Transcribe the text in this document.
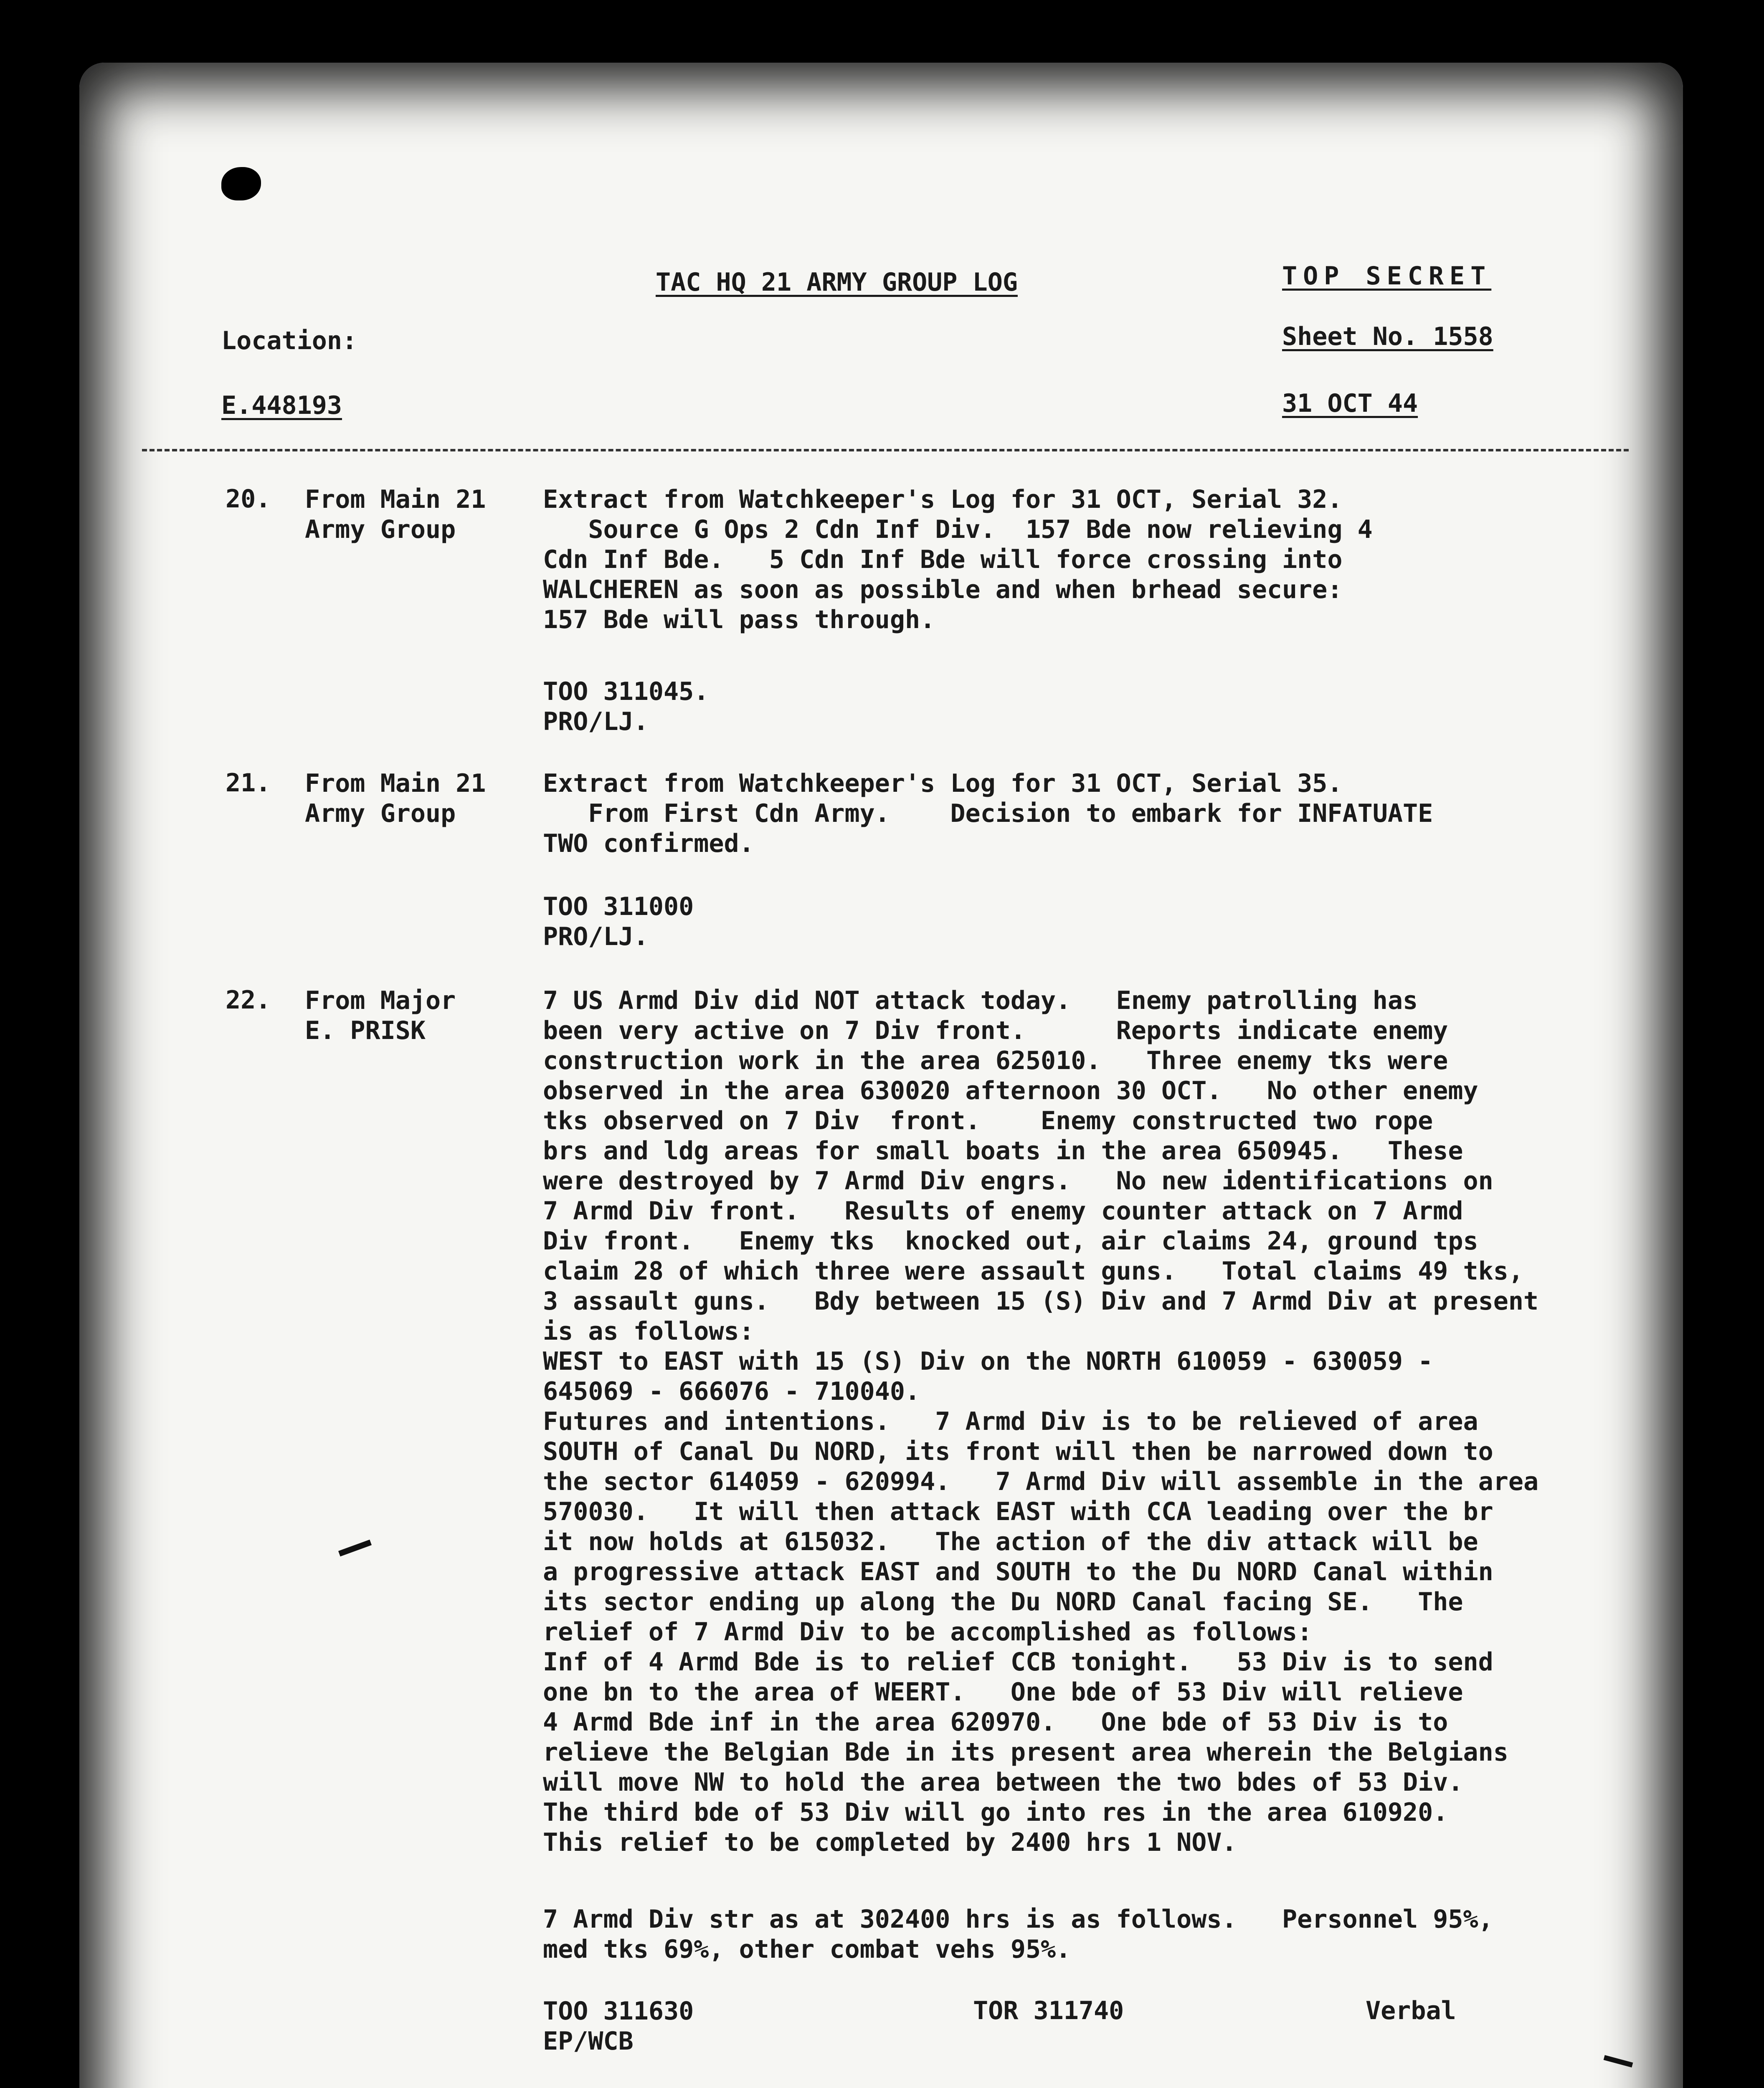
TAC HQ 21 ARMY GROUP LOG	TOP SECRET
Location:	Sheet No. 1558
E.448193	31 OCT 44
20. From Main 21
Army Group
Extract from Watchkeeper's Log for 31 OCT, Serial 32.
Source G Ops 2 Cdn Inf Div.  157 Bde now relieving 4
Cdn Inf Bde.   5 Cdn Inf Bde will force crossing into
WALCHEREN as soon as possible and when brhead secure:
157 Bde will pass through.
TOO 311045.
PRO/LJ.
21. From Main 21
Army Group
Extract from Watchkeeper's Log for 31 OCT, Serial 35.
From First Cdn Army.    Decision to embark for INFATUATE
TWO confirmed.
TOO 311000
PRO/LJ.
22. From Major
E. PRISK
7 US Armd Div did NOT attack today.   Enemy patrolling has
been very active on 7 Div front.      Reports indicate enemy
construction work in the area 625010.   Three enemy tks were
observed in the area 630020 afternoon 30 OCT.   No other enemy
tks observed on 7 Div  front.    Enemy constructed two rope
brs and ldg areas for small boats in the area 650945.   These
were destroyed by 7 Armd Div engrs.   No new identifications on
7 Armd Div front.   Results of enemy counter attack on 7 Armd
Div front.   Enemy tks  knocked out, air claims 24, ground tps
claim 28 of which three were assault guns.   Total claims 49 tks,
3 assault guns.   Bdy between 15 (S) Div and 7 Armd Div at present
is as follows:
WEST to EAST with 15 (S) Div on the NORTH 610059 - 630059 -
645069 - 666076 - 710040.
Futures and intentions.   7 Armd Div is to be relieved of area
SOUTH of Canal Du NORD, its front will then be narrowed down to
the sector 614059 - 620994.   7 Armd Div will assemble in the area
570030.   It will then attack EAST with CCA leading over the br
it now holds at 615032.   The action of the div attack will be
a progressive attack EAST and SOUTH to the Du NORD Canal within
its sector ending up along the Du NORD Canal facing SE.   The
relief of 7 Armd Div to be accomplished as follows:
Inf of 4 Armd Bde is to relief CCB tonight.   53 Div is to send
one bn to the area of WEERT.   One bde of 53 Div will relieve
4 Armd Bde inf in the area 620970.   One bde of 53 Div is to
relieve the Belgian Bde in its present area wherein the Belgians
will move NW to hold the area between the two bdes of 53 Div.
The third bde of 53 Div will go into res in the area 610920.
This relief to be completed by 2400 hrs 1 NOV.
7 Armd Div str as at 302400 hrs is as follows.   Personnel 95%,
med tks 69%, other combat vehs 95%.
TOO 311630
EP/WCB
TOR 311740	Verbal
